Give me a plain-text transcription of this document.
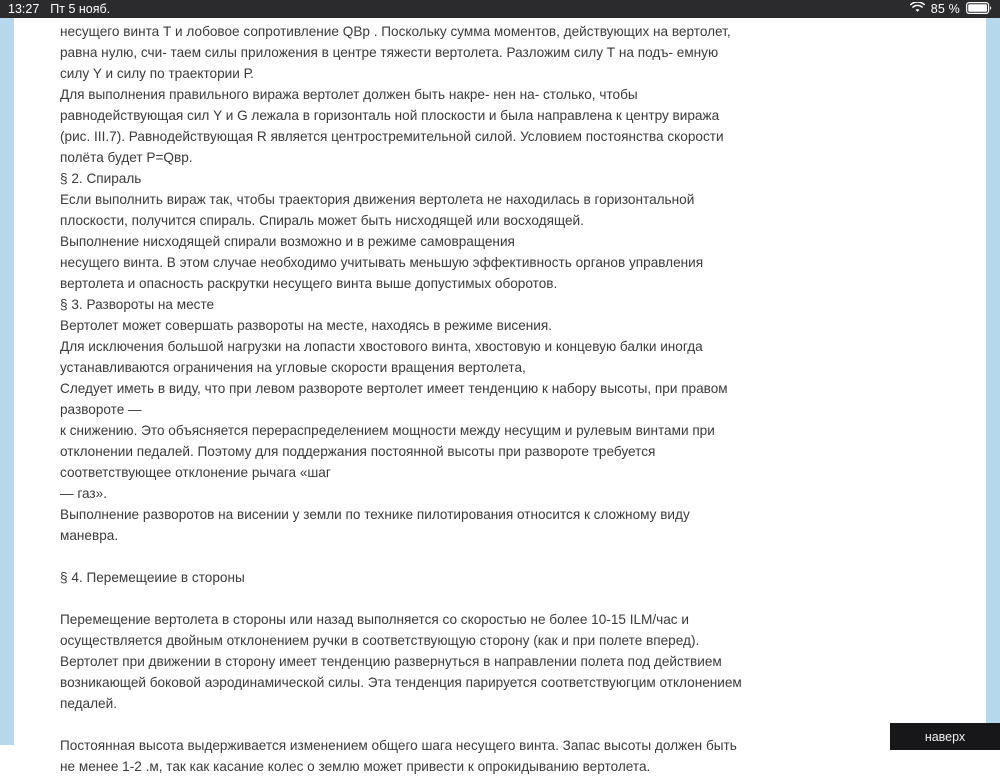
13:27 Пт 5 нояб.	85 %
несущего винта Т и лобовое сопротивление QBp . Поскольку сумма моментов, действующих на вертолет,
равна нулю, счи- таем силы приложения в центре тяжести вертолета. Разложим силу Т на подъ- емную
силу Y и силу по траектории Р.
Для выполнения правильного виража вертолет должен быть накре- нен на- столько, чтобы
равнодействующая сил Y и G лежала в горизонталь ной плоскости и была направлена к центру виража
(рис. III.7). Равнодействующая R является центростремительной силой. Условием постоянства скорости
полёта будет P=Qвp.
§ 2. Спираль
Если выполнить вираж так, чтобы траектория движения вертолета не находилась в горизонтальной
плоскости, получится спираль. Спираль может быть нисходящей или восходящей.
Выполнение нисходящей спирали возможно и в режиме самовращения
несущего винта. В этом случае необходимо учитывать меньшую эффективность органов управления
вертолета и опасность раскрутки несущего винта выше допустимых оборотов.
§ 3. Развороты на месте
Вертолет может совершать развороты на месте, находясь в режиме висения.
Для исключения большой нагрузки на лопасти хвостового винта, хвостовую и концевую балки иногда
устанавливаются ограничения на угловые скорости вращения вертолета,
Следует иметь в виду, что при левом развороте вертолет имеет тенденцию к набору высоты, при правом
развороте —
к снижению. Это объясняется перераспределением мощности между несущим и рулевым винтами при
отклонении педалей. Поэтому для поддержания постоянной высоты при развороте требуется
соответствующее отклонение рычага «шаг
— газ».
Выполнение разворотов на висении у земли по технике пилотирования относится к сложному виду
маневра.
§ 4. Перемещеиие в стороны
Перемещение вертолета в стороны или назад выполняется со скоростью не более 10-15 ILM/час и
осуществляется двойным отклонением ручки в соответствующую сторону (как и при полете вперед).
Вертолет при движении в сторону имеет тенденцию развернуться в направлении полета под действием
возникающей боковой аэродинамической силы. Эта тенденция парируется соответствуюгцим отклонением
педалей.
Постоянная высота выдерживается изменением общего шага несущего винта. Запас высоты должен быть
не менее 1-2 .м, так как касание колес о землю может привести к опрокидыванию вертолета.
наверх
